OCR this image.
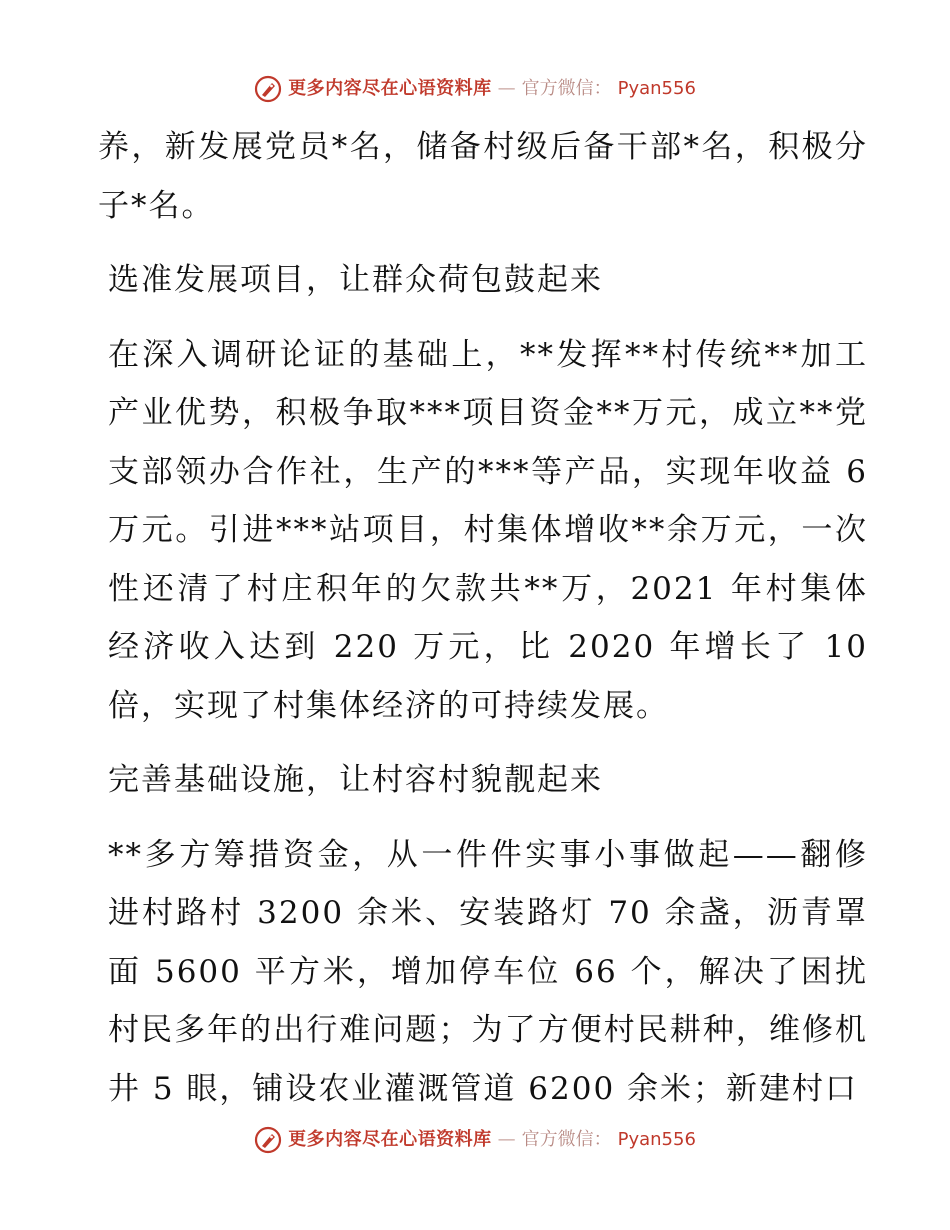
更多内容尽在心语资料库 — 官方微信： Pyan556

养，新发展党员*名，储备村级后备干部*名，积极分子*名。

选准发展项目，让群众荷包鼓起来

在深入调研论证的基础上，**发挥**村传统**加工产业优势，积极争取***项目资金**万元，成立**党支部领办合作社，生产的***等产品，实现年收益 6 万元。引进***站项目，村集体增收**余万元，一次性还清了村庄积年的欠款共**万，2021 年村集体经济收入达到 220 万元，比 2020 年增长了 10倍，实现了村集体经济的可持续发展。

完善基础设施，让村容村貌靓起来

**多方筹措资金，从一件件实事小事做起——翻修进村路村 3200 余米、安装路灯 70 余盏，沥青罩面 5600 平方米，增加停车位 66 个，解决了困扰村民多年的出行难问题；为了方便村民耕种，维修机井 5 眼，铺设农业灌溉管道 6200 余米；新建村口

更多内容尽在心语资料库 — 官方微信： Pyan556
